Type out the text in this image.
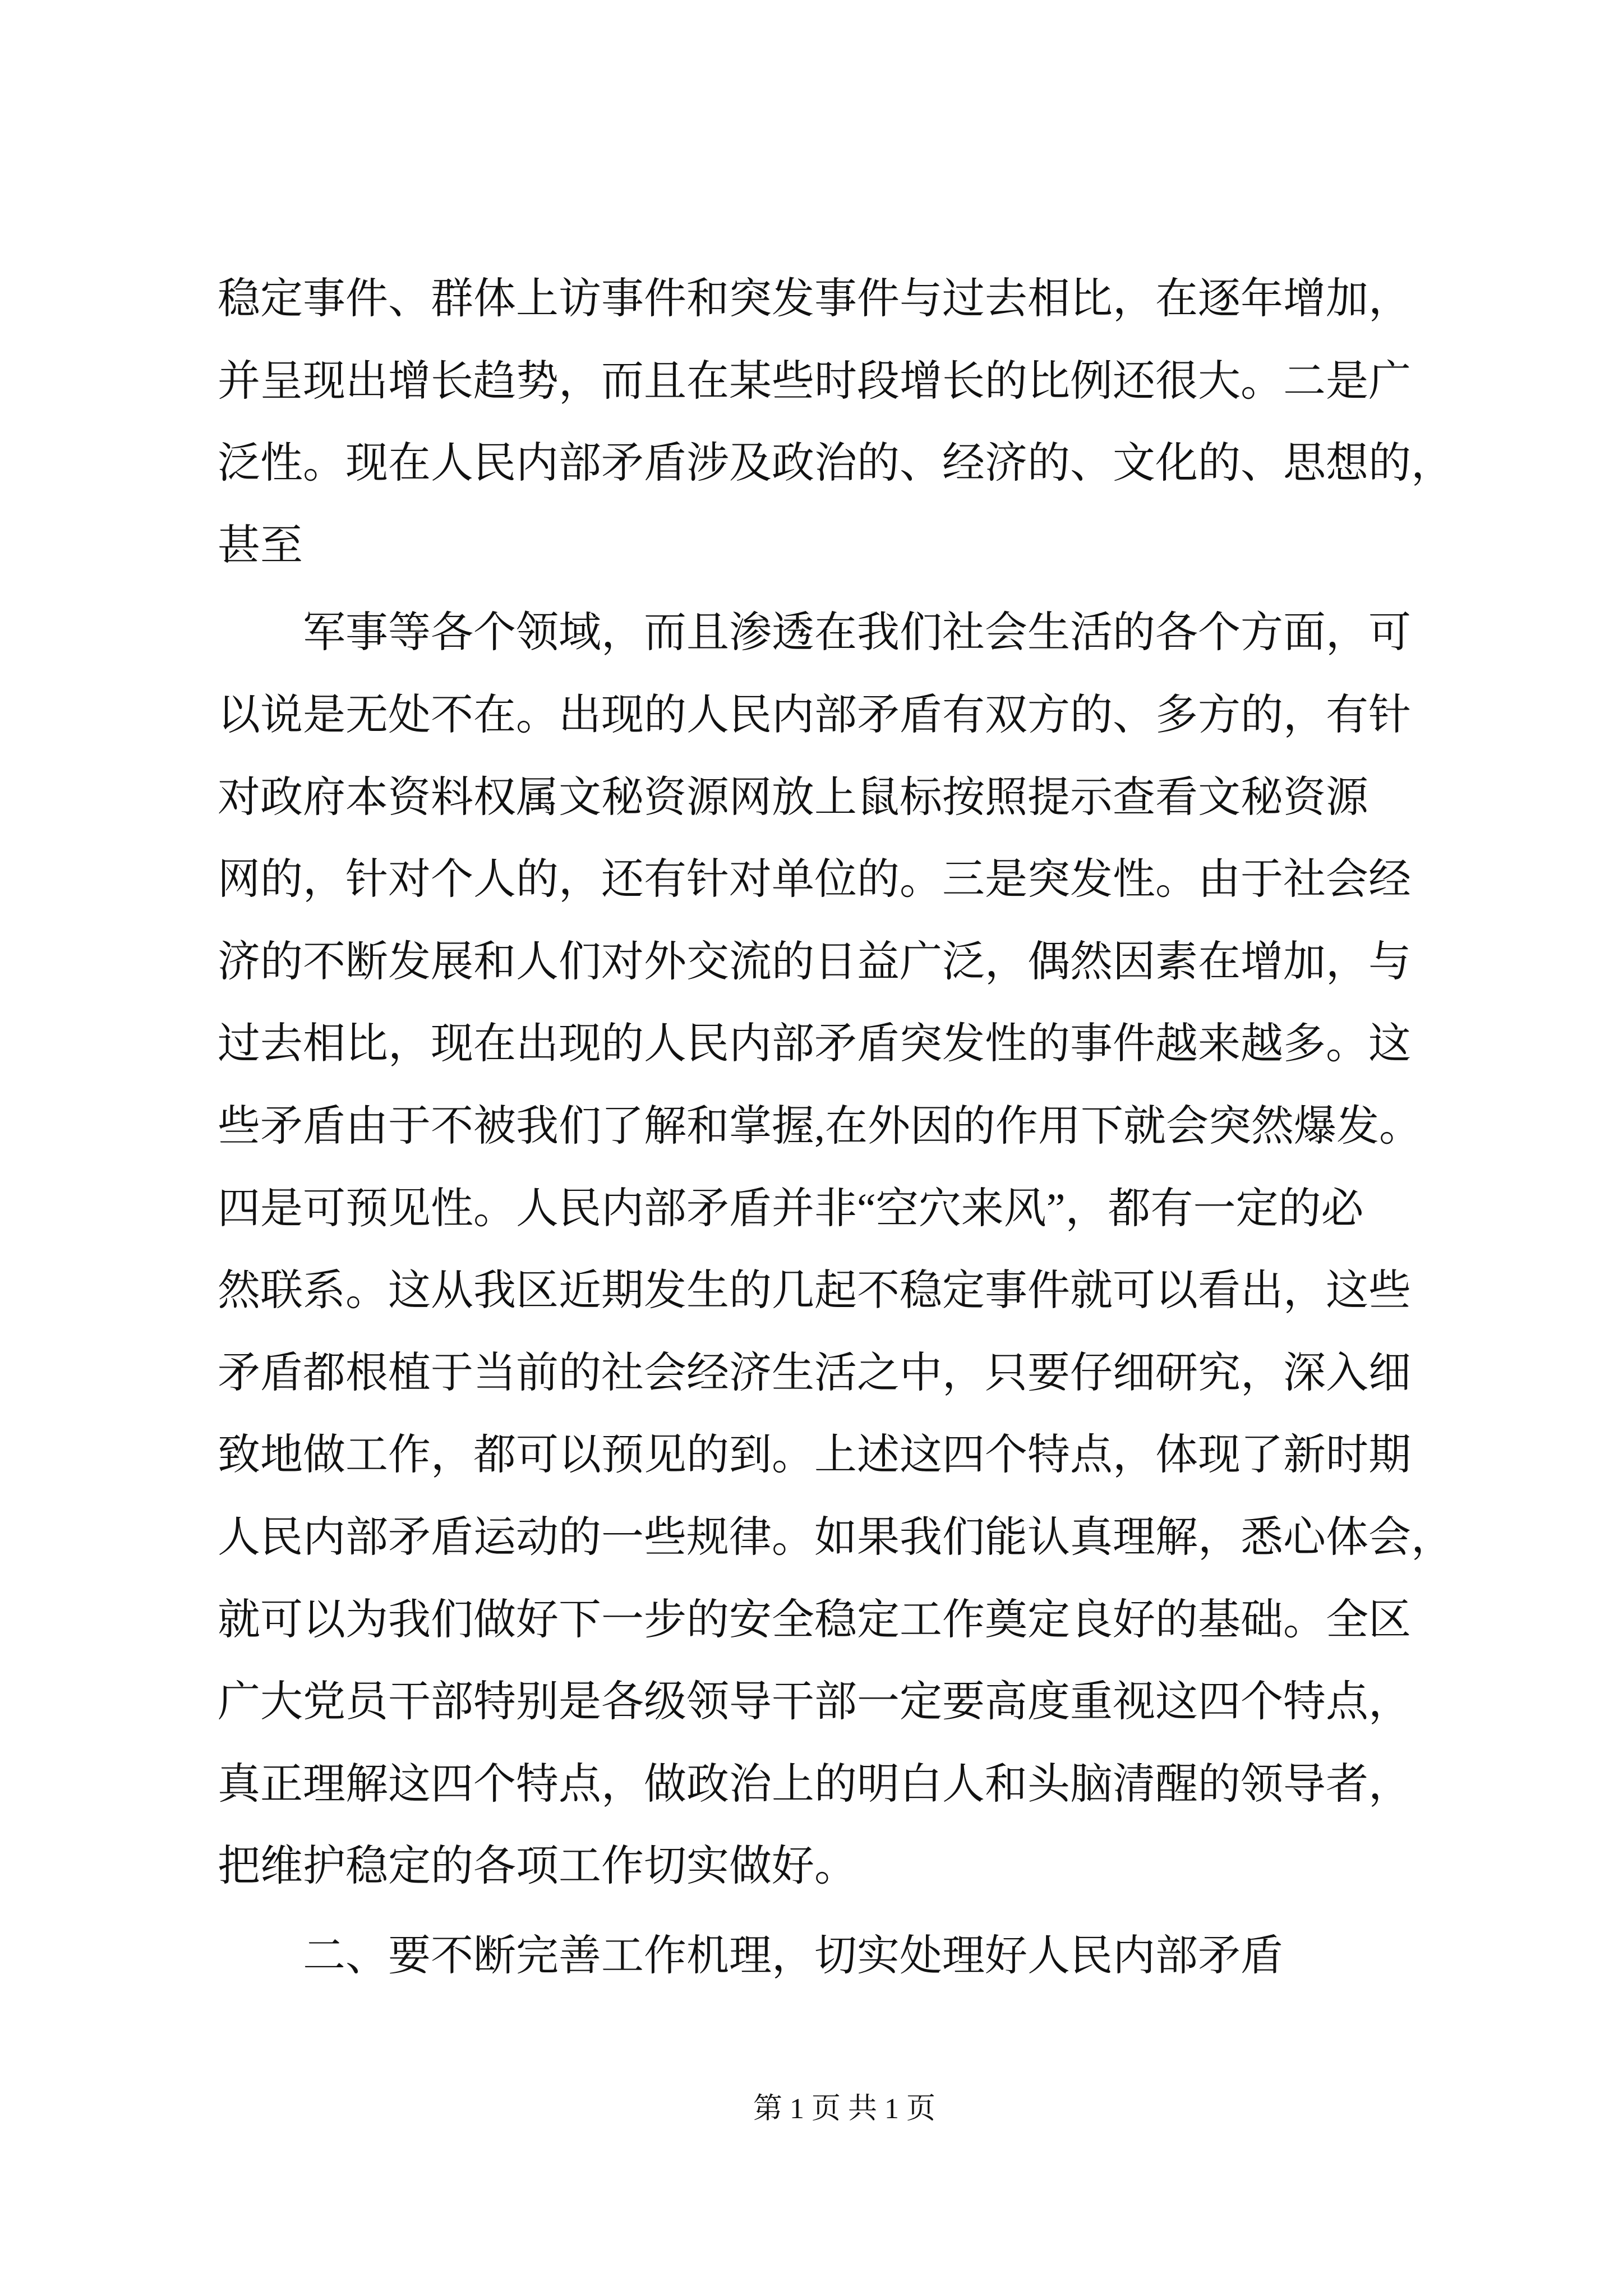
稳定事件、群体上访事件和突发事件与过去相比，在逐年增加，
并呈现出增长趋势，而且在某些时段增长的比例还很大。二是广
泛性。现在人民内部矛盾涉及政治的、经济的、文化的、思想的，
甚至
军事等各个领域，而且渗透在我们社会生活的各个方面，可
以说是无处不在。出现的人民内部矛盾有双方的、多方的，有针
对政府本资料权属文秘资源网放上鼠标按照提示查看文秘资源
网的，针对个人的，还有针对单位的。三是突发性。由于社会经
济的不断发展和人们对外交流的日益广泛，偶然因素在增加，与
过去相比，现在出现的人民内部矛盾突发性的事件越来越多。这
些矛盾由于不被我们了解和掌握,在外因的作用下就会突然爆发。
四是可预见性。人民内部矛盾并非“空穴来风”，都有一定的必
然联系。这从我区近期发生的几起不稳定事件就可以看出，这些
矛盾都根植于当前的社会经济生活之中，只要仔细研究，深入细
致地做工作，都可以预见的到。上述这四个特点，体现了新时期
人民内部矛盾运动的一些规律。如果我们能认真理解，悉心体会，
就可以为我们做好下一步的安全稳定工作奠定良好的基础。全区
广大党员干部特别是各级领导干部一定要高度重视这四个特点，
真正理解这四个特点，做政治上的明白人和头脑清醒的领导者，
把维护稳定的各项工作切实做好。
二、要不断完善工作机理，切实处理好人民内部矛盾
第 1 页 共 1 页
